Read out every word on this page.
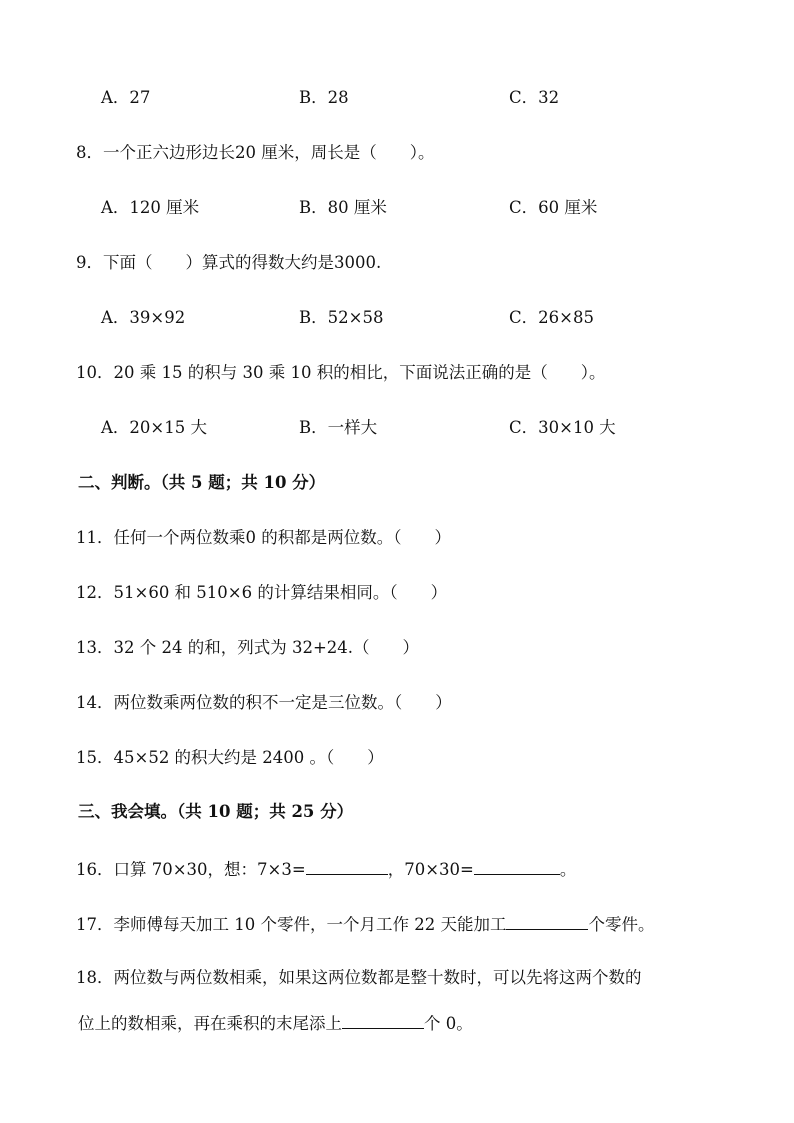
A．27	B．28	C．32
8．一个正六边形边长20 厘米，周长是（　　）。
A．120 厘米	B．80 厘米	C．60 厘米
9．下面（　　）算式的得数大约是3000.
A．39×92	B．52×58	C．26×85
10．20 乘 15 的积与 30 乘 10 积的相比，下面说法正确的是（　　）。
A．20×15 大	B．一样大	C．30×10 大
二、判断。（共 5 题；共 10 分）
11．任何一个两位数乘0 的积都是两位数。（　　）
12．51×60 和 510×6 的计算结果相同。（　　）
13．32 个 24 的和，列式为 32+24.（　　）
14．两位数乘两位数的积不一定是三位数。（　　）
15．45×52 的积大约是 2400 。（　　）
三、我会填。（共 10 题；共 25 分）
16．口算 70×30，想：7×3=	，70×30=	。
17．李师傅每天加工 10 个零件，一个月工作 22 天能加工	个零件。
18．两位数与两位数相乘，如果这两位数都是整十数时，可以先将这两个数的
位上的数相乘，再在乘积的末尾添上	个 0。
